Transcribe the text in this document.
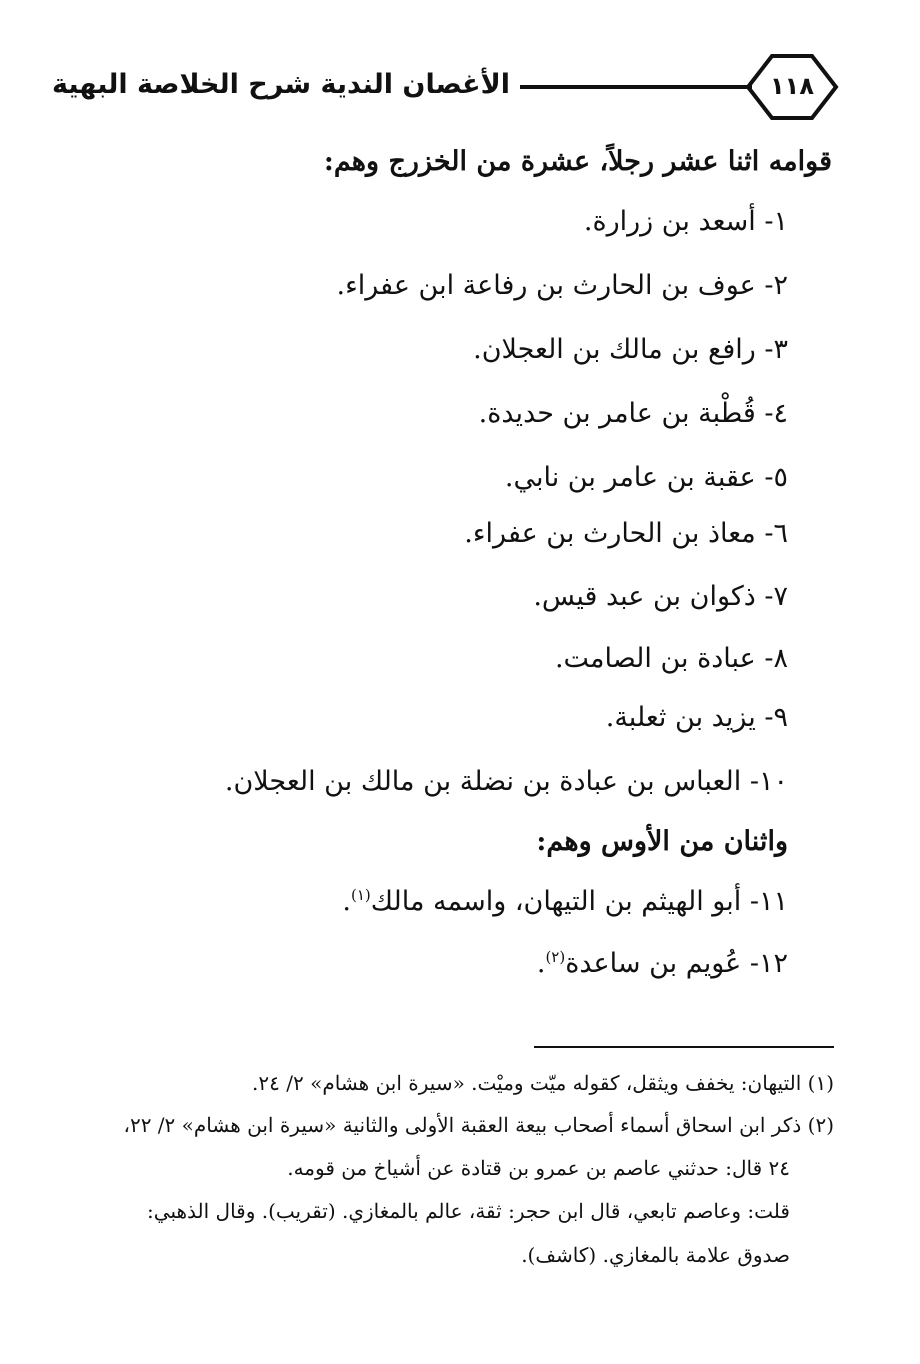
١١٨
الأغصان الندية شرح الخلاصة البهية
قوامه اثنا عشر رجلاً، عشرة من الخزرج وهم:
١- أسعد بن زرارة.
٢- عوف بن الحارث بن رفاعة ابن عفراء.
٣- رافع بن مالك بن العجلان.
٤- قُطْبة بن عامر بن حديدة.
٥- عقبة بن عامر بن نابي.
٦- معاذ بن الحارث بن عفراء.
٧- ذكوان بن عبد قيس.
٨- عبادة بن الصامت.
٩- يزيد بن ثعلبة.
١٠- العباس بن عبادة بن نضلة بن مالك بن العجلان.
واثنان من الأوس وهم:
١١- أبو الهيثم بن التيهان، واسمه مالك$^{(١)}$.
١٢- عُويم بن ساعدة$^{(٢)}$.
(١) التيهان: يخفف ويثقل، كقوله ميّت وميْت. «سيرة ابن هشام» ٢/ ٢٤.
(٢) ذكر ابن اسحاق أسماء أصحاب بيعة العقبة الأولى والثانية «سيرة ابن هشام» ٢/ ٢٢،
٢٤ قال: حدثني عاصم بن عمرو بن قتادة عن أشياخ من قومه.
قلت: وعاصم تابعي، قال ابن حجر: ثقة، عالم بالمغازي. (تقريب). وقال الذهبي:
صدوق علامة بالمغازي. (كاشف).
